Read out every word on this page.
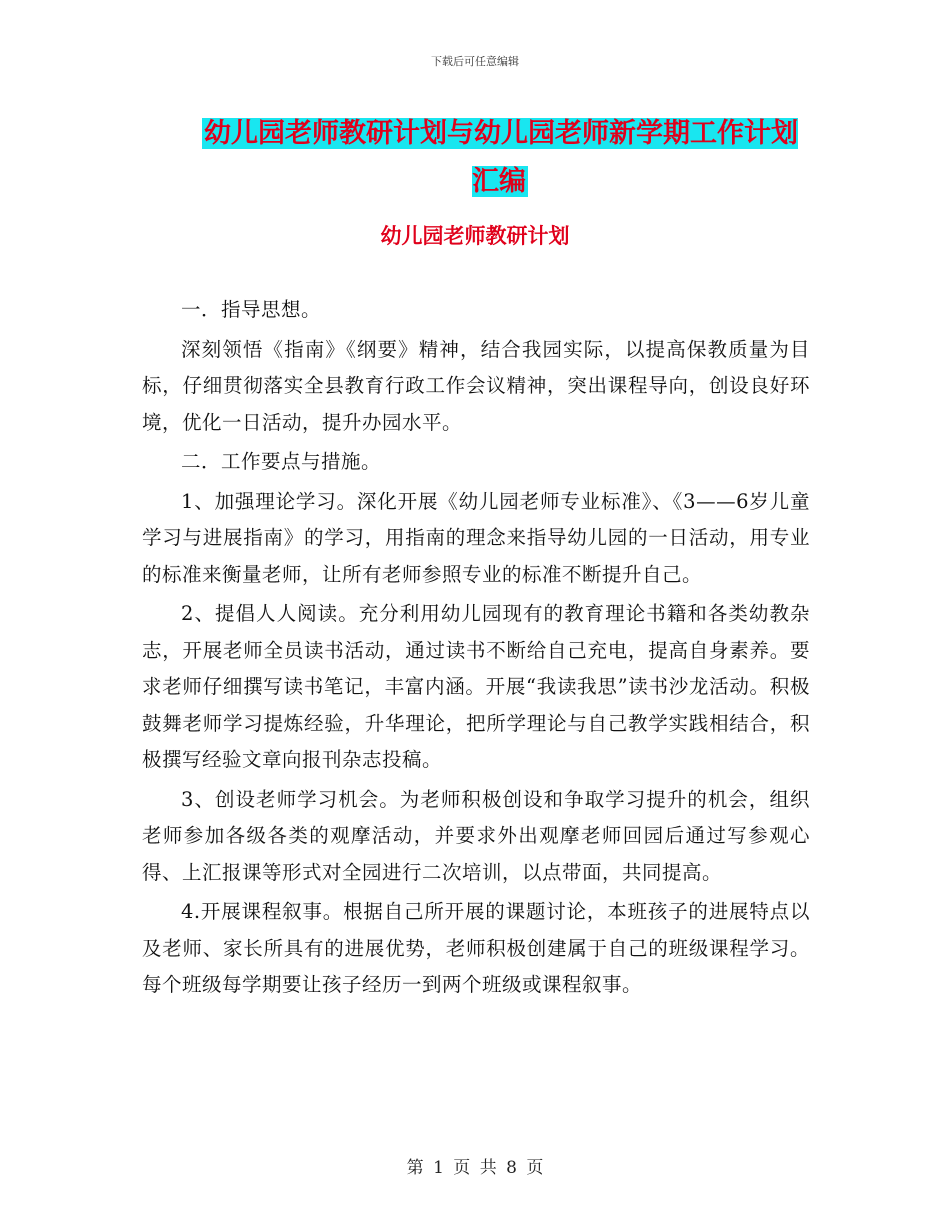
下载后可任意编辑
幼儿园老师教研计划与幼儿园老师新学期工作计划汇编
幼儿园老师教研计划

一．指导思想。

深刻领悟《指南》《纲要》精神，结合我园实际，以提高保教质量为目标，仔细贯彻落实全县教育行政工作会议精神，突出课程导向，创设良好环境，优化一日活动，提升办园水平。

二．工作要点与措施。

1、加强理论学习。深化开展《幼儿园老师专业标准》、《3——6岁儿童学习与进展指南》的学习，用指南的理念来指导幼儿园的一日活动，用专业的标准来衡量老师，让所有老师参照专业的标准不断提升自己。

2、提倡人人阅读。充分利用幼儿园现有的教育理论书籍和各类幼教杂志，开展老师全员读书活动，通过读书不断给自己充电，提高自身素养。要求老师仔细撰写读书笔记，丰富内涵。开展“我读我思”读书沙龙活动。积极鼓舞老师学习提炼经验，升华理论，把所学理论与自己教学实践相结合，积极撰写经验文章向报刊杂志投稿。

3、创设老师学习机会。为老师积极创设和争取学习提升的机会，组织老师参加各级各类的观摩活动，并要求外出观摩老师回园后通过写参观心得、上汇报课等形式对全园进行二次培训，以点带面，共同提高。

4.开展课程叙事。根据自己所开展的课题讨论，本班孩子的进展特点以及老师、家长所具有的进展优势，老师积极创建属于自己的班级课程学习。每个班级每学期要让孩子经历一到两个班级或课程叙事。

第 1 页 共 8 页
